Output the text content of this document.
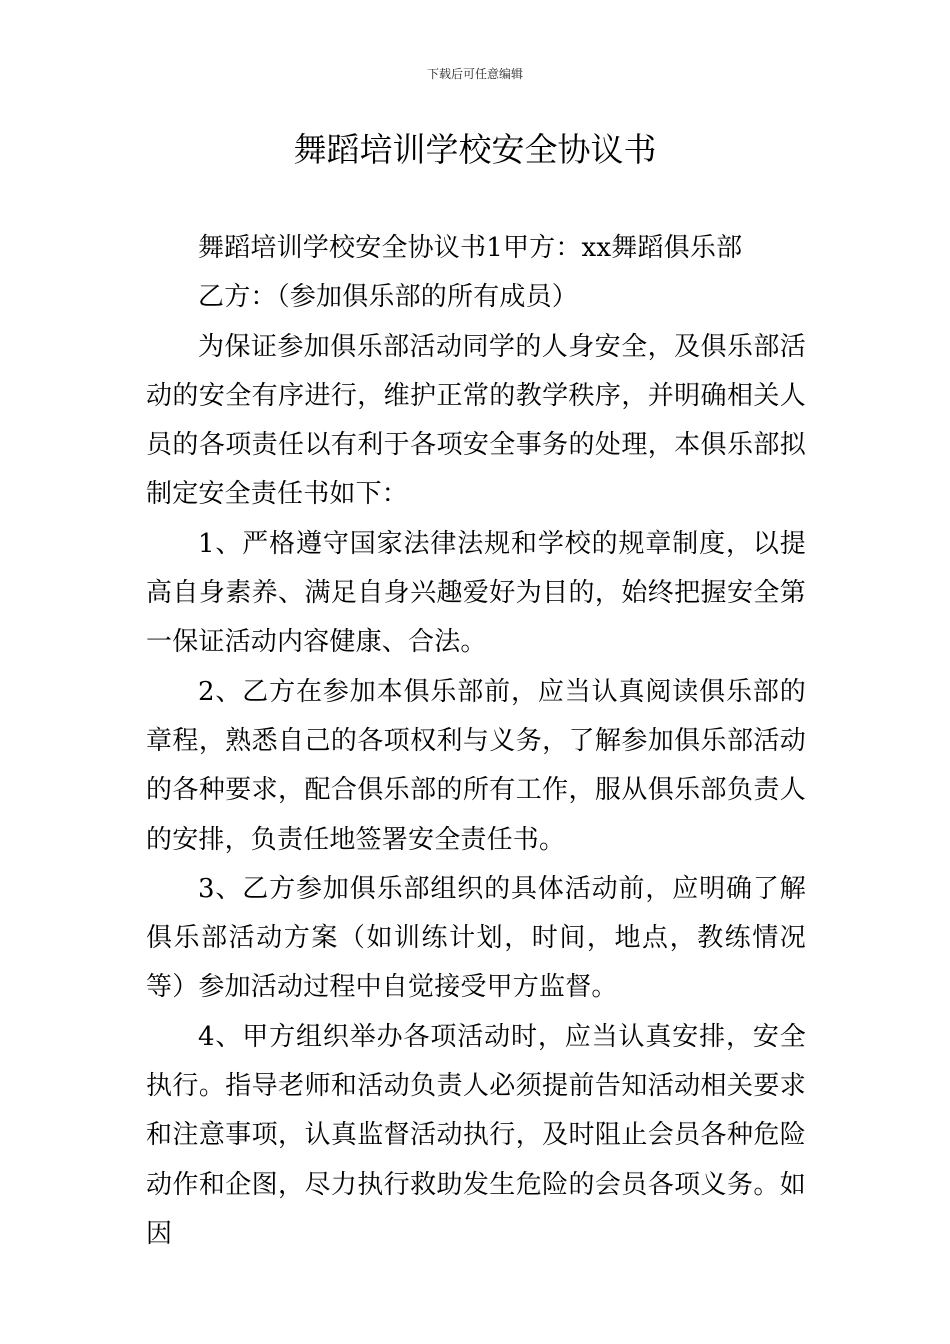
下载后可任意编辑
舞蹈培训学校安全协议书

舞蹈培训学校安全协议书1甲方：xx舞蹈俱乐部

乙方：（参加俱乐部的所有成员）

为保证参加俱乐部活动同学的人身安全，及俱乐部活动的安全有序进行，维护正常的教学秩序，并明确相关人员的各项责任以有利于各项安全事务的处理，本俱乐部拟制定安全责任书如下：

1、严格遵守国家法律法规和学校的规章制度，以提高自身素养、满足自身兴趣爱好为目的，始终把握安全第一保证活动内容健康、合法。

2、乙方在参加本俱乐部前，应当认真阅读俱乐部的章程，熟悉自己的各项权利与义务，了解参加俱乐部活动的各种要求，配合俱乐部的所有工作，服从俱乐部负责人的安排，负责任地签署安全责任书。

3、乙方参加俱乐部组织的具体活动前，应明确了解俱乐部活动方案（如训练计划，时间，地点，教练情况等）参加活动过程中自觉接受甲方监督。

4、甲方组织举办各项活动时，应当认真安排，安全执行。指导老师和活动负责人必须提前告知活动相关要求和注意事项，认真监督活动执行，及时阻止会员各种危险动作和企图，尽力执行救助发生危险的会员各项义务。如因
